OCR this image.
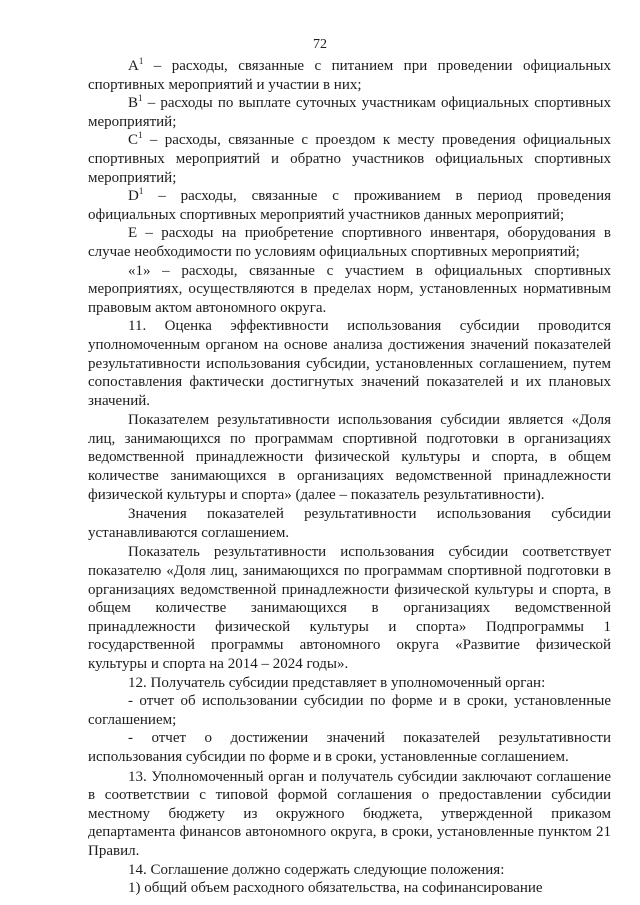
72

$A^1$ – расходы, связанные с питанием при проведении официальных спортивных мероприятий и участии в них;

$B^1$ – расходы по выплате суточных участникам официальных спортивных мероприятий;

$C^1$ – расходы, связанные с проездом к месту проведения официальных спортивных мероприятий и обратно участников официальных спортивных мероприятий;

$D^1$ – расходы, связанные с проживанием в период проведения официальных спортивных мероприятий участников данных мероприятий;

E – расходы на приобретение спортивного инвентаря, оборудования в случае необходимости по условиям официальных спортивных мероприятий;

«1» – расходы, связанные с участием в официальных спортивных мероприятиях, осуществляются в пределах норм, установленных нормативным правовым актом автономного округа.

11. Оценка эффективности использования субсидии проводится уполномоченным органом на основе анализа достижения значений показателей результативности использования субсидии, установленных соглашением, путем сопоставления фактически достигнутых значений показателей и их плановых значений.

Показателем результативности использования субсидии является «Доля лиц, занимающихся по программам спортивной подготовки в организациях ведомственной принадлежности физической культуры и спорта, в общем количестве занимающихся в организациях ведомственной принадлежности физической культуры и спорта» (далее – показатель результативности).

Значения показателей результативности использования субсидии устанавливаются соглашением.

Показатель результативности использования субсидии соответствует показателю «Доля лиц, занимающихся по программам спортивной подготовки в организациях ведомственной принадлежности физической культуры и спорта, в общем количестве занимающихся в организациях ведомственной принадлежности физической культуры и спорта» Подпрограммы 1 государственной программы автономного округа «Развитие физической культуры и спорта на 2014 – 2024 годы».

12. Получатель субсидии представляет в уполномоченный орган:

- отчет об использовании субсидии по форме и в сроки, установленные соглашением;

- отчет о достижении значений показателей результативности использования субсидии по форме и в сроки, установленные соглашением.

13. Уполномоченный орган и получатель субсидии заключают соглашение в соответствии с типовой формой соглашения о предоставлении субсидии местному бюджету из окружного бюджета, утвержденной приказом департамента финансов автономного округа, в сроки, установленные пунктом 21 Правил.

14. Соглашение должно содержать следующие положения:

1) общий объем расходного обязательства, на софинансирование
